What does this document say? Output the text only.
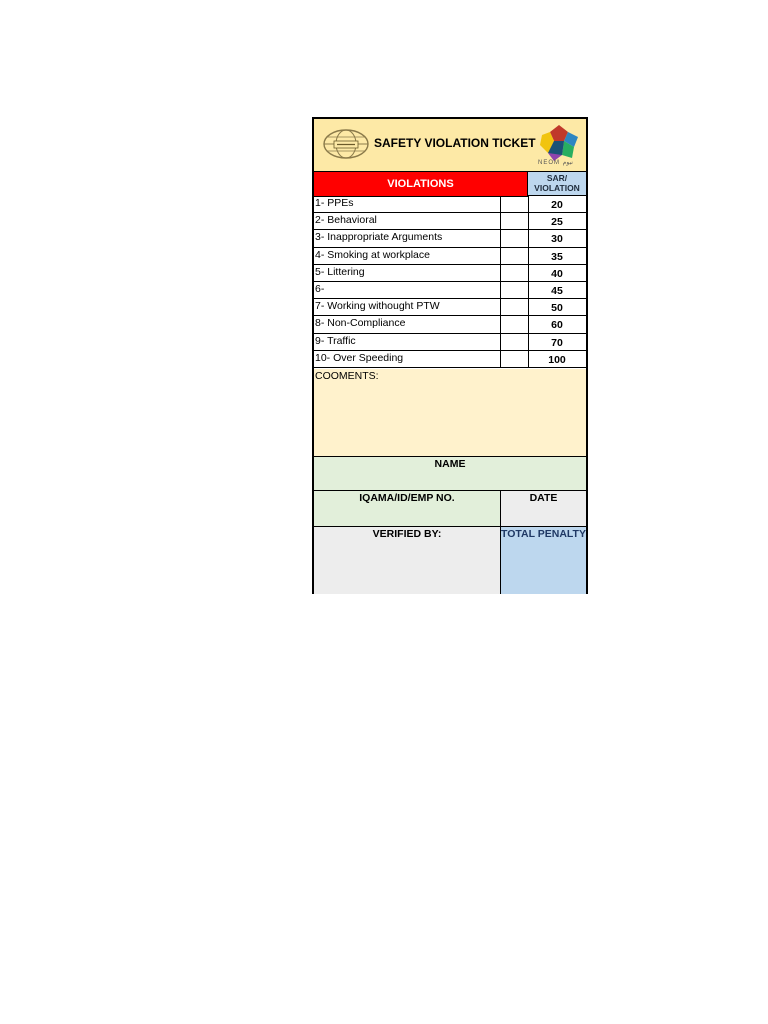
SAFETY VIOLATION TICKET
NEOM نيوم
VIOLATIONS	SAR/
VIOLATION
1- PPEs	20
2- Behavioral	25
3- Inappropriate Arguments	30
4- Smoking at workplace	35
5- Littering	40
6-	45
7- Working withought PTW	50
8- Non-Compliance	60
9- Traffic	70
10- Over Speeding	100
COOMENTS:
NAME
IQAMA/ID/EMP NO.	DATE
VERIFIED BY:	TOTAL PENALTY
